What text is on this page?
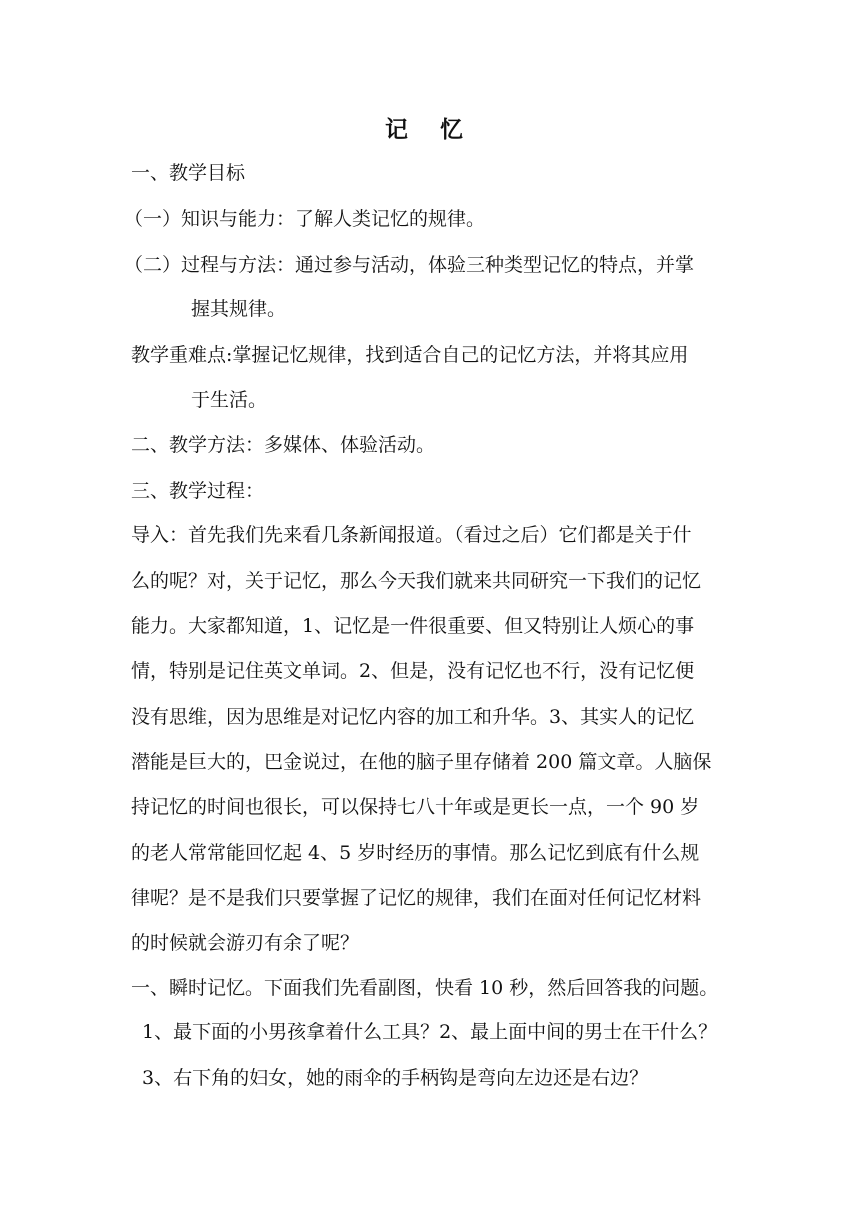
记 忆
一、教学目标
（一）知识与能力：了解人类记忆的规律。
（二）过程与方法：通过参与活动，体验三种类型记忆的特点，并掌
握其规律。
教学重难点:掌握记忆规律，找到适合自己的记忆方法，并将其应用
于生活。
二、教学方法：多媒体、体验活动。
三、教学过程：
导入：首先我们先来看几条新闻报道。（看过之后）它们都是关于什
么的呢？对，关于记忆，那么今天我们就来共同研究一下我们的记忆
能力。大家都知道，1、记忆是一件很重要、但又特别让人烦心的事
情，特别是记住英文单词。2、但是，没有记忆也不行，没有记忆便
没有思维，因为思维是对记忆内容的加工和升华。3、其实人的记忆
潜能是巨大的，巴金说过，在他的脑子里存储着 200 篇文章。人脑保
持记忆的时间也很长，可以保持七八十年或是更长一点，一个 90 岁
的老人常常能回忆起 4、5 岁时经历的事情。那么记忆到底有什么规
律呢？是不是我们只要掌握了记忆的规律，我们在面对任何记忆材料
的时候就会游刃有余了呢？
一、瞬时记忆。下面我们先看副图，快看 10 秒，然后回答我的问题。
1、最下面的小男孩拿着什么工具？2、最上面中间的男士在干什么？
3、右下角的妇女，她的雨伞的手柄钩是弯向左边还是右边？
